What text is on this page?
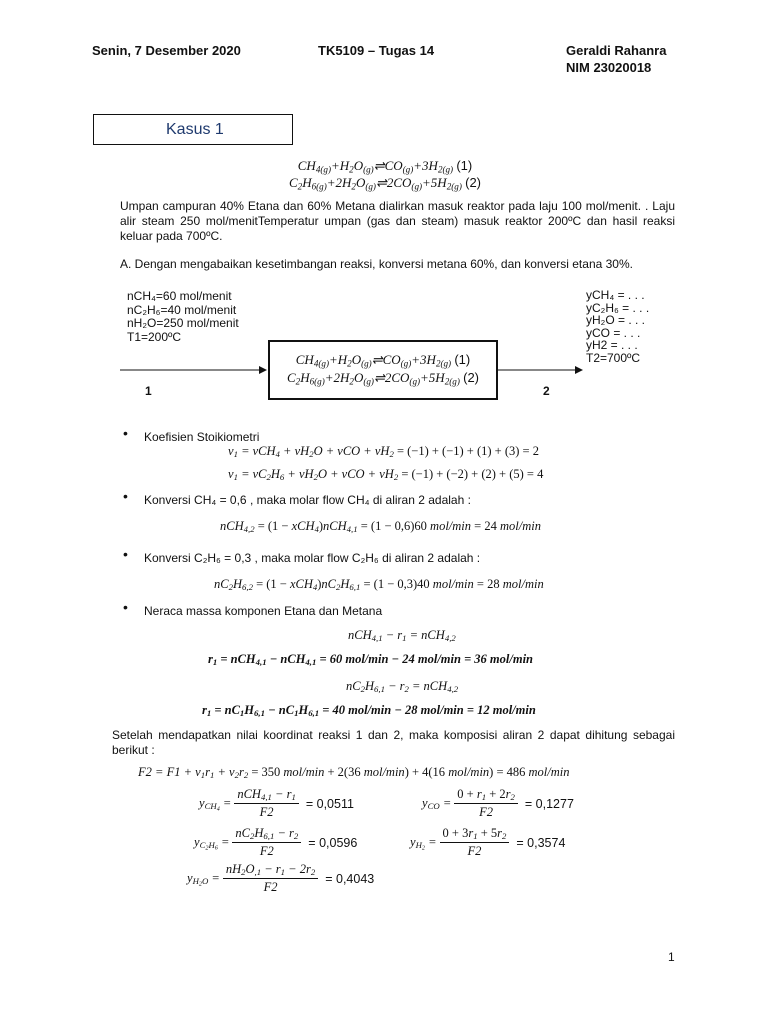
Senin, 7 Desember 2020	TK5109 – Tugas 14	Geraldi Rahanra
NIM 23020018
Kasus 1
$CH_{4(g)}+H_2O_{(g)}\rightleftharpoons CO_{(g)}+3H_{2(g)}$ (1)
$C_2H_{6(g)}+2H_2O_{(g)}\rightleftharpoons 2CO_{(g)}+5H_{2(g)}$ (2)
Umpan campuran 40% Etana dan 60% Metana dialirkan masuk reaktor pada laju 100 mol/menit. . Laju alir steam 250 mol/menitTemperatur umpan (gas dan steam) masuk reaktor 200ºC dan hasil reaksi keluar pada 700ºC.
A. Dengan mengabaikan kesetimbangan reaksi, konversi metana 60%, dan konversi etana 30%.
nCH₄=60 mol/menit
nC₂H₆=40 mol/menit
nH₂O=250 mol/menit
T1=200ºC
yCH₄ = . . .
yC₂H₆ = . . .
yH₂O = . . .
yCO = . . .
yH2 = . . .
T2=700ºC
$CH_{4(g)}+H_2O_{(g)}\rightleftharpoons CO_{(g)}+3H_{2(g)}$ (1)
$C_2H_{6(g)}+2H_2O_{(g)}\rightleftharpoons 2CO_{(g)}+5H_{2(g)}$ (2)
1	2
• Koefisien Stoikiometri
$v_1 = vCH_4 + vH_2O$ + vCO + $vH_2 = (-1) + (-1) + (1) + (3) = 2$
$v_1 = vC_2H_6 + vH_2O$ + vCO + $vH_2 = (-1) + (-2) + (2) + (5) = 4$
• Konversi CH₄ = 0,6 , maka molar flow CH₄ di aliran 2 adalah :
nCH$_{4,2}$ = (1 − xCH$_4$)nCH$_{4,1}$ = (1 − 0,6)60 mol/min = 24 mol/min
• Konversi C₂H₆ = 0,3 , maka molar flow C₂H₆ di aliran 2 adalah :
$nC_2H_{6,2} = (1 - xCH_4)nC_2H_{6,1} = (1 - 0,3)40$ mol/min = 28 mol/min
• Neraca massa komponen Etana dan Metana
$nCH_{4,1} - r_1 = nCH_{4,2}$
$r_1 = nCH_{4,1} - nCH_{4,1} = 60$ mol/min − 24 mol/min = 36 mol/min
$nC_2H_{6,1} - r_2 = nCH_{4,2}$
$r_1 = nC_1H_{6,1} - nC_1H_{6,1} = 40$ mol/min − 28 mol/min = 12 mol/min
Setelah mendapatkan nilai koordinat reaksi 1 dan 2, maka komposisi aliran 2 dapat dihitung sebagai berikut :
$F2 = F1 + v_1r_1 + v_2r_2 = 350$ mol/min + 2(36 mol/min) + 4(16 mol/min) = 486 mol/min
$y_{CH_4} = \frac{nCH_{4,1} - r_1}{F2} = 0,0511$	$y_{CO} = \frac{0 + r_1 + 2r_2}{F2} = 0,1277$
$y_{C_2H_6} = \frac{nC_2H_{6,1} - r_2}{F2} = 0,0596$	$y_{H_2} = \frac{0 + 3r_1 + 5r_2}{F2} = 0,3574$
$y_{H_2O} = \frac{nH_2O_{,1} - r_1 - 2r_2}{F2} = 0,4043$
1
